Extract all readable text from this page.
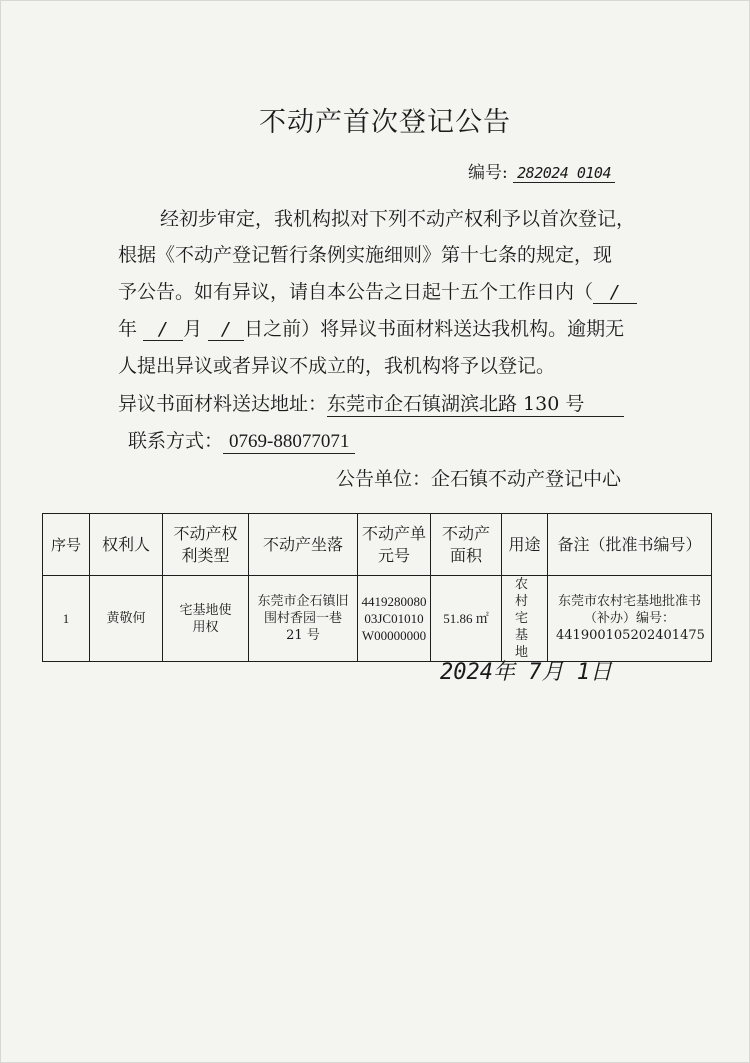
不动产首次登记公告
编号: 282024 0104
经初步审定，我机构拟对下列不动产权利予以首次登记，
根据《不动产登记暂行条例实施细则》第十七条的规定，现
予公告。如有异议，请自本公告之日起十五个工作日内（ /
年 / 月 / 日之前）将异议书面材料送达我机构。逾期无
人提出异议或者异议不成立的，我机构将予以登记。
异议书面材料送达地址：东莞市企石镇湖滨北路 130 号
联系方式： 0769-88077071
公告单位：企石镇不动产登记中心
序号	权利人	不动产权利类型	不动产坐落	不动产单元号	不动产面积	用途	备注（批准书编号）
1	黄敬何	宅基地使用权	东莞市企石镇旧围村香园一巷 21 号	441928008003JC01010W00000000	51.86 ㎡	农村宅基地	东莞市农村宅基地批准书（补办）编号：441900105202401475
2024年 7月 1日
